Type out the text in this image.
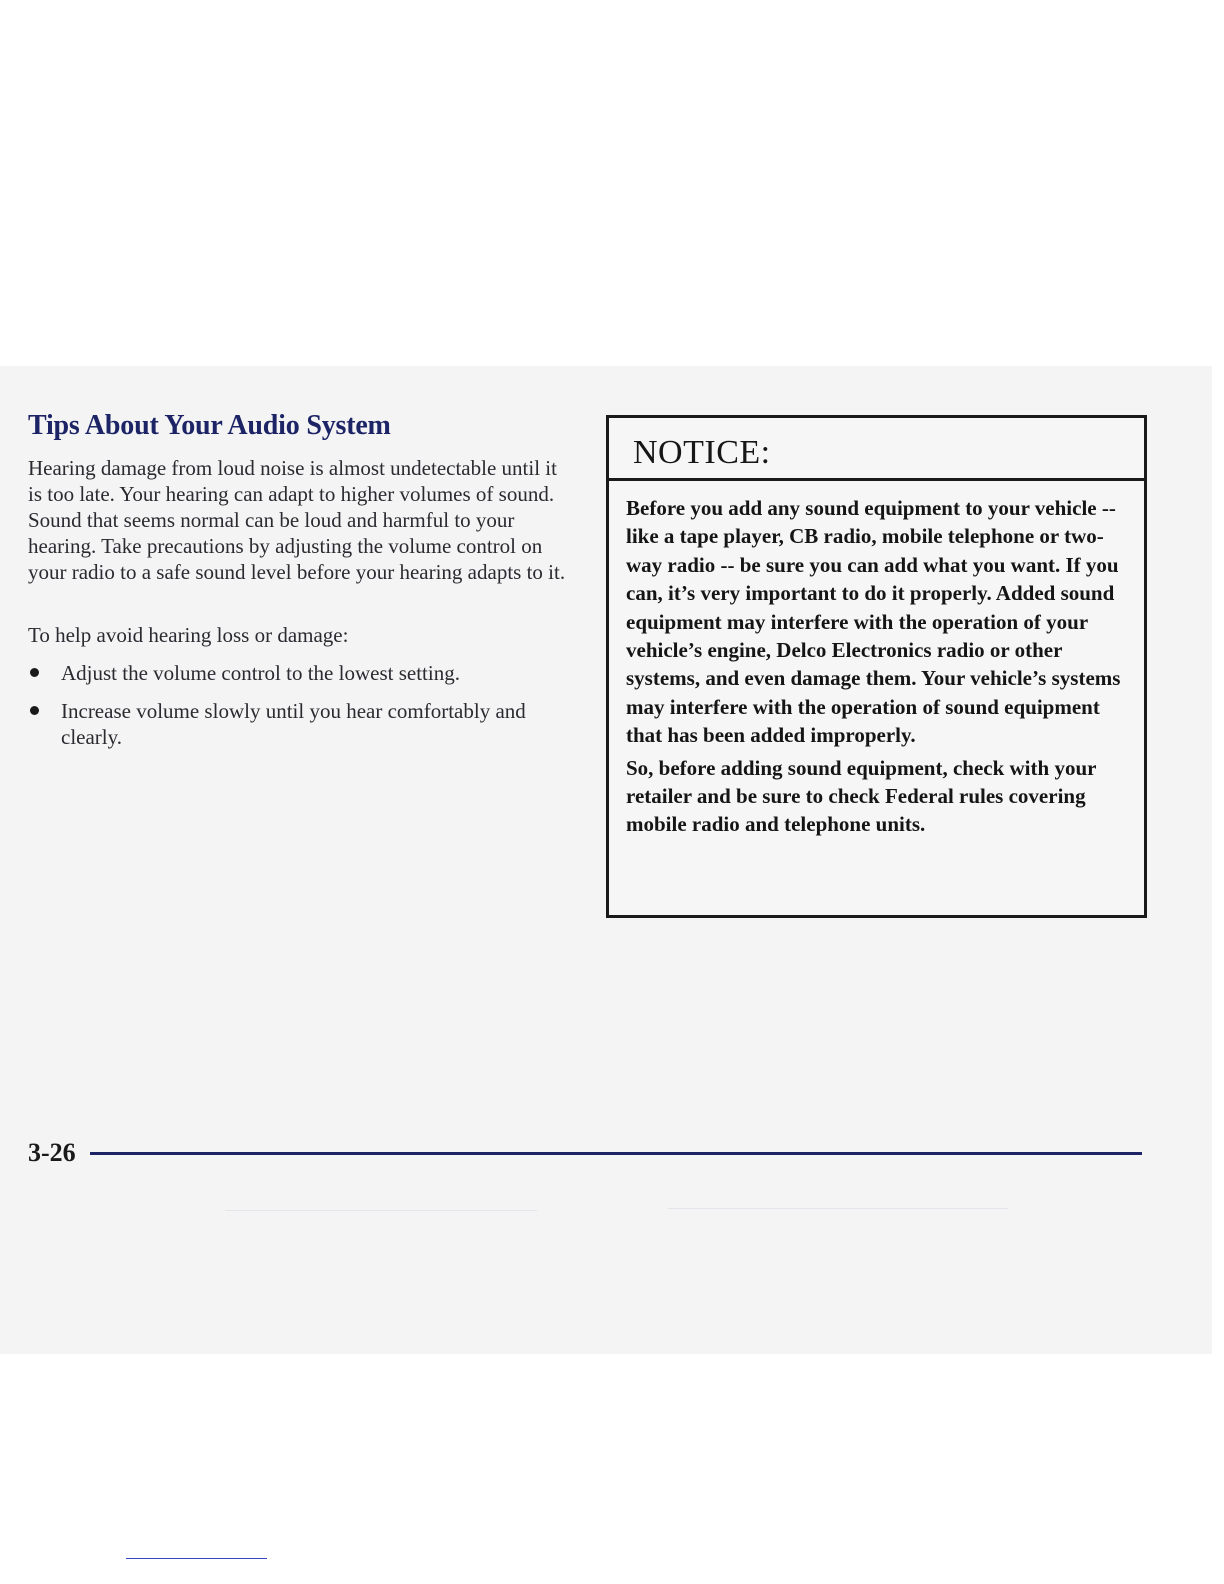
Tips About Your Audio System

Hearing damage from loud noise is almost undetectable until it is too late. Your hearing can adapt to higher volumes of sound. Sound that seems normal can be loud and harmful to your hearing. Take precautions by adjusting the volume control on your radio to a safe sound level before your hearing adapts to it.

To help avoid hearing loss or damage:

Adjust the volume control to the lowest setting.
Increase volume slowly until you hear comfortably and clearly.
NOTICE:

Before you add any sound equipment to your vehicle -- like a tape player, CB radio, mobile telephone or two-way radio -- be sure you can add what you want. If you can, it’s very important to do it properly. Added sound equipment may interfere with the operation of your vehicle’s engine, Delco Electronics radio or other systems, and even damage them. Your vehicle’s systems may interfere with the operation of sound equipment that has been added improperly.

So, before adding sound equipment, check with your retailer and be sure to check Federal rules covering mobile radio and telephone units.

3-26
